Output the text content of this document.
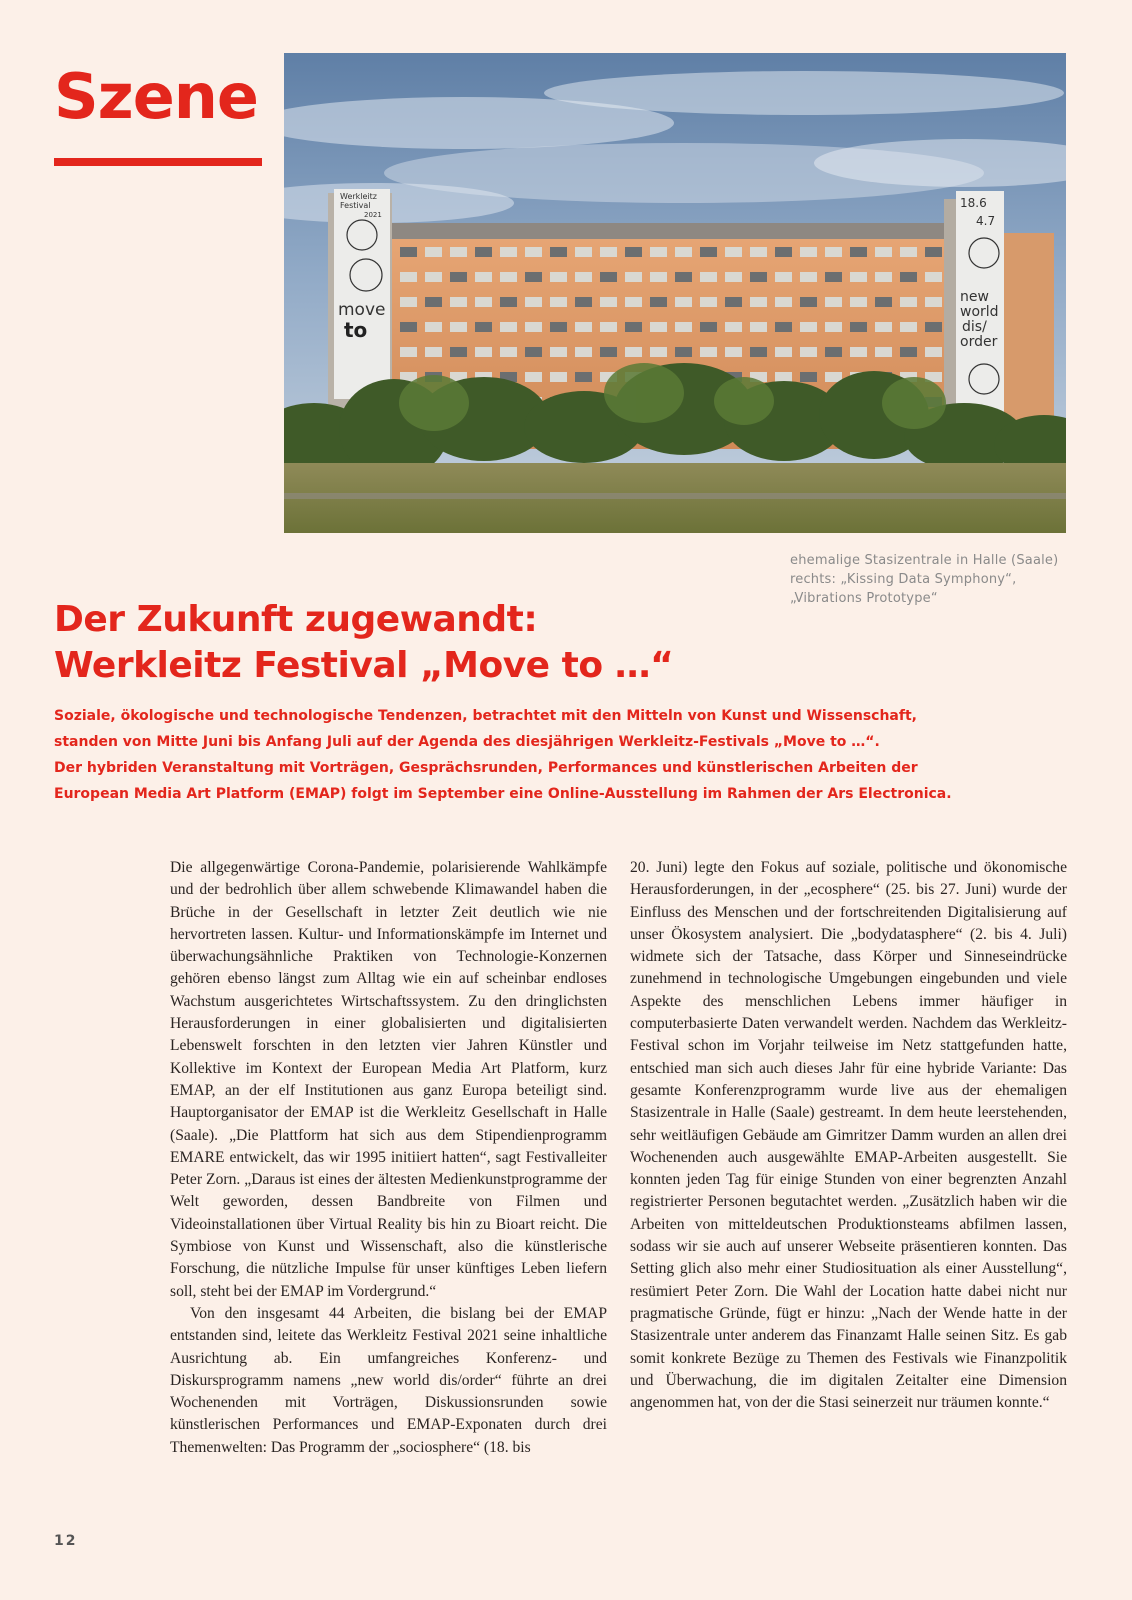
Szene
Werkleitz
Festival
2021
move
to
18.6
4.7
new
world
dis/
order
ehemalige Stasizentrale in Halle (Saale)
rechts: „Kissing Data Symphony“,
„Vibrations Prototype“
Der Zukunft zugewandt:
Werkleitz Festival „Move to …“
Soziale, ökologische und technologische Tendenzen, betrachtet mit den Mitteln von Kunst und Wissenschaft,
standen von Mitte Juni bis Anfang Juli auf der Agenda des diesjährigen Werkleitz-Festivals „Move to …“.
Der hybriden Veranstaltung mit Vorträgen, Gesprächsrunden, Performances und künstlerischen Arbeiten der
European Media Art Platform (EMAP) folgt im September eine Online-Ausstellung im Rahmen der Ars Electronica.

Die allgegenwärtige Corona-Pandemie, polarisierende Wahlkämpfe und der bedrohlich über allem schwebende Klimawandel haben die Brüche in der Gesellschaft in letzter Zeit deutlich wie nie hervortreten lassen. Kultur- und Informationskämpfe im Internet und überwachungsähnliche Praktiken von Technologie-Konzernen gehören ebenso längst zum Alltag wie ein auf scheinbar endloses Wachstum ausgerichtetes Wirtschaftssystem. Zu den dringlichsten Herausforderungen in einer globalisierten und digitalisierten Lebenswelt forschten in den letzten vier Jahren Künstler und Kollektive im Kontext der European Media Art Platform, kurz EMAP, an der elf Institutionen aus ganz Europa beteiligt sind. Hauptorganisator der EMAP ist die Werkleitz Gesellschaft in Halle (Saale). „Die Plattform hat sich aus dem Stipendienprogramm EMARE entwickelt, das wir 1995 initiiert hatten“, sagt Festivalleiter Peter Zorn. „Daraus ist eines der ältesten Medienkunstprogramme der Welt geworden, dessen Bandbreite von Filmen und Videoinstallationen über Virtual Reality bis hin zu Bioart reicht. Die Symbiose von Kunst und Wissenschaft, also die künstlerische Forschung, die nützliche Impulse für unser künftiges Leben liefern soll, steht bei der EMAP im Vordergrund.“

Von den insgesamt 44 Arbeiten, die bislang bei der EMAP entstanden sind, leitete das Werkleitz Festival 2021 seine inhaltliche Ausrichtung ab. Ein umfangreiches Konferenz- und Diskursprogramm namens „new world dis/order“ führte an drei Wochenenden mit Vorträgen, Diskussionsrunden sowie künstlerischen Performances und EMAP-Exponaten durch drei Themenwelten: Das Programm der „sociosphere“ (18. bis

20. Juni) legte den Fokus auf soziale, politische und ökonomische Herausforderungen, in der „ecosphere“ (25. bis 27. Juni) wurde der Einfluss des Menschen und der fortschreitenden Digitalisierung auf unser Ökosystem analysiert. Die „bodydatasphere“ (2. bis 4. Juli) widmete sich der Tatsache, dass Körper und Sinneseindrücke zunehmend in technologische Umgebungen eingebunden und viele Aspekte des menschlichen Lebens immer häufiger in computerbasierte Daten verwandelt werden. Nachdem das Werkleitz-Festival schon im Vorjahr teilweise im Netz stattgefunden hatte, entschied man sich auch dieses Jahr für eine hybride Variante: Das gesamte Konferenzprogramm wurde live aus der ehemaligen Stasizentrale in Halle (Saale) gestreamt. In dem heute leerstehenden, sehr weitläufigen Gebäude am Gimritzer Damm wurden an allen drei Wochenenden auch ausgewählte EMAP-Arbeiten ausgestellt. Sie konnten jeden Tag für einige Stunden von einer begrenzten Anzahl registrierter Personen begutachtet werden. „Zusätzlich haben wir die Arbeiten von mitteldeutschen Produktionsteams abfilmen lassen, sodass wir sie auch auf unserer Webseite präsentieren konnten. Das Setting glich also mehr einer Studiosituation als einer Ausstellung“, resümiert Peter Zorn. Die Wahl der Location hatte dabei nicht nur pragmatische Gründe, fügt er hinzu: „Nach der Wende hatte in der Stasizentrale unter anderem das Finanzamt Halle seinen Sitz. Es gab somit konkrete Bezüge zu Themen des Festivals wie Finanzpolitik und Überwachung, die im digitalen Zeitalter eine Dimension angenommen hat, von der die Stasi seinerzeit nur träumen konnte.“

12
